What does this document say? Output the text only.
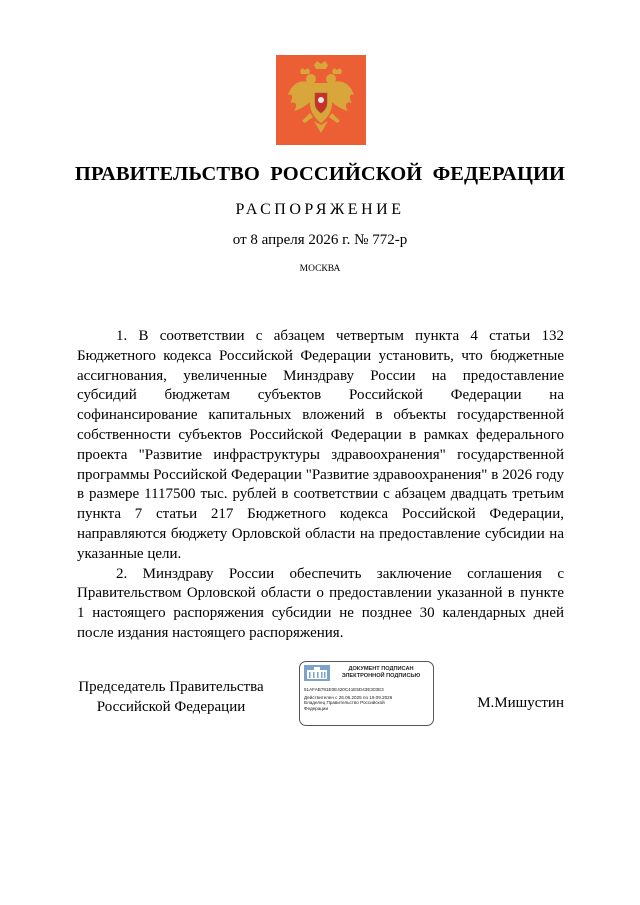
ПРАВИТЕЛЬСТВО РОССИЙСКОЙ ФЕДЕРАЦИИ
РАСПОРЯЖЕНИЕ
от 8 апреля 2026 г. № 772-р
МОСКВА

1. В соответствии с абзацем четвертым пункта 4 статьи 132 Бюджетного кодекса Российской Федерации установить, что бюджетные ассигнования, увеличенные Минздраву России на предоставление субсидий бюджетам субъектов Российской Федерации на софинансирование капитальных вложений в объекты государственной собственности субъектов Российской Федерации в рамках федерального проекта "Развитие инфраструктуры здравоохранения" государственной программы Российской Федерации "Развитие здравоохранения" в 2026 году в размере 1117500 тыс. рублей в соответствии с абзацем двадцать третьим пункта 7 статьи 217 Бюджетного кодекса Российской Федерации, направляются бюджету Орловской области на предоставление субсидии на указанные цели.

2. Минздраву России обеспечить заключение соглашения с Правительством Орловской области о предоставлении указанной в пункте 1 настоящего распоряжения субсидии не позднее 30 календарных дней после издания настоящего распоряжения.

Председатель Правительства
Российской Федерации
ДОКУМЕНТ ПОДПИСАН
ЭЛЕКТРОННОЙ ПОДПИСЬЮ
51AFAB781E0E420C41E5D43E303E3
Действителен с 26.06.2025 по 19.09.2026
Владелец Правительство Российской
Федерации	М.Мишустин
